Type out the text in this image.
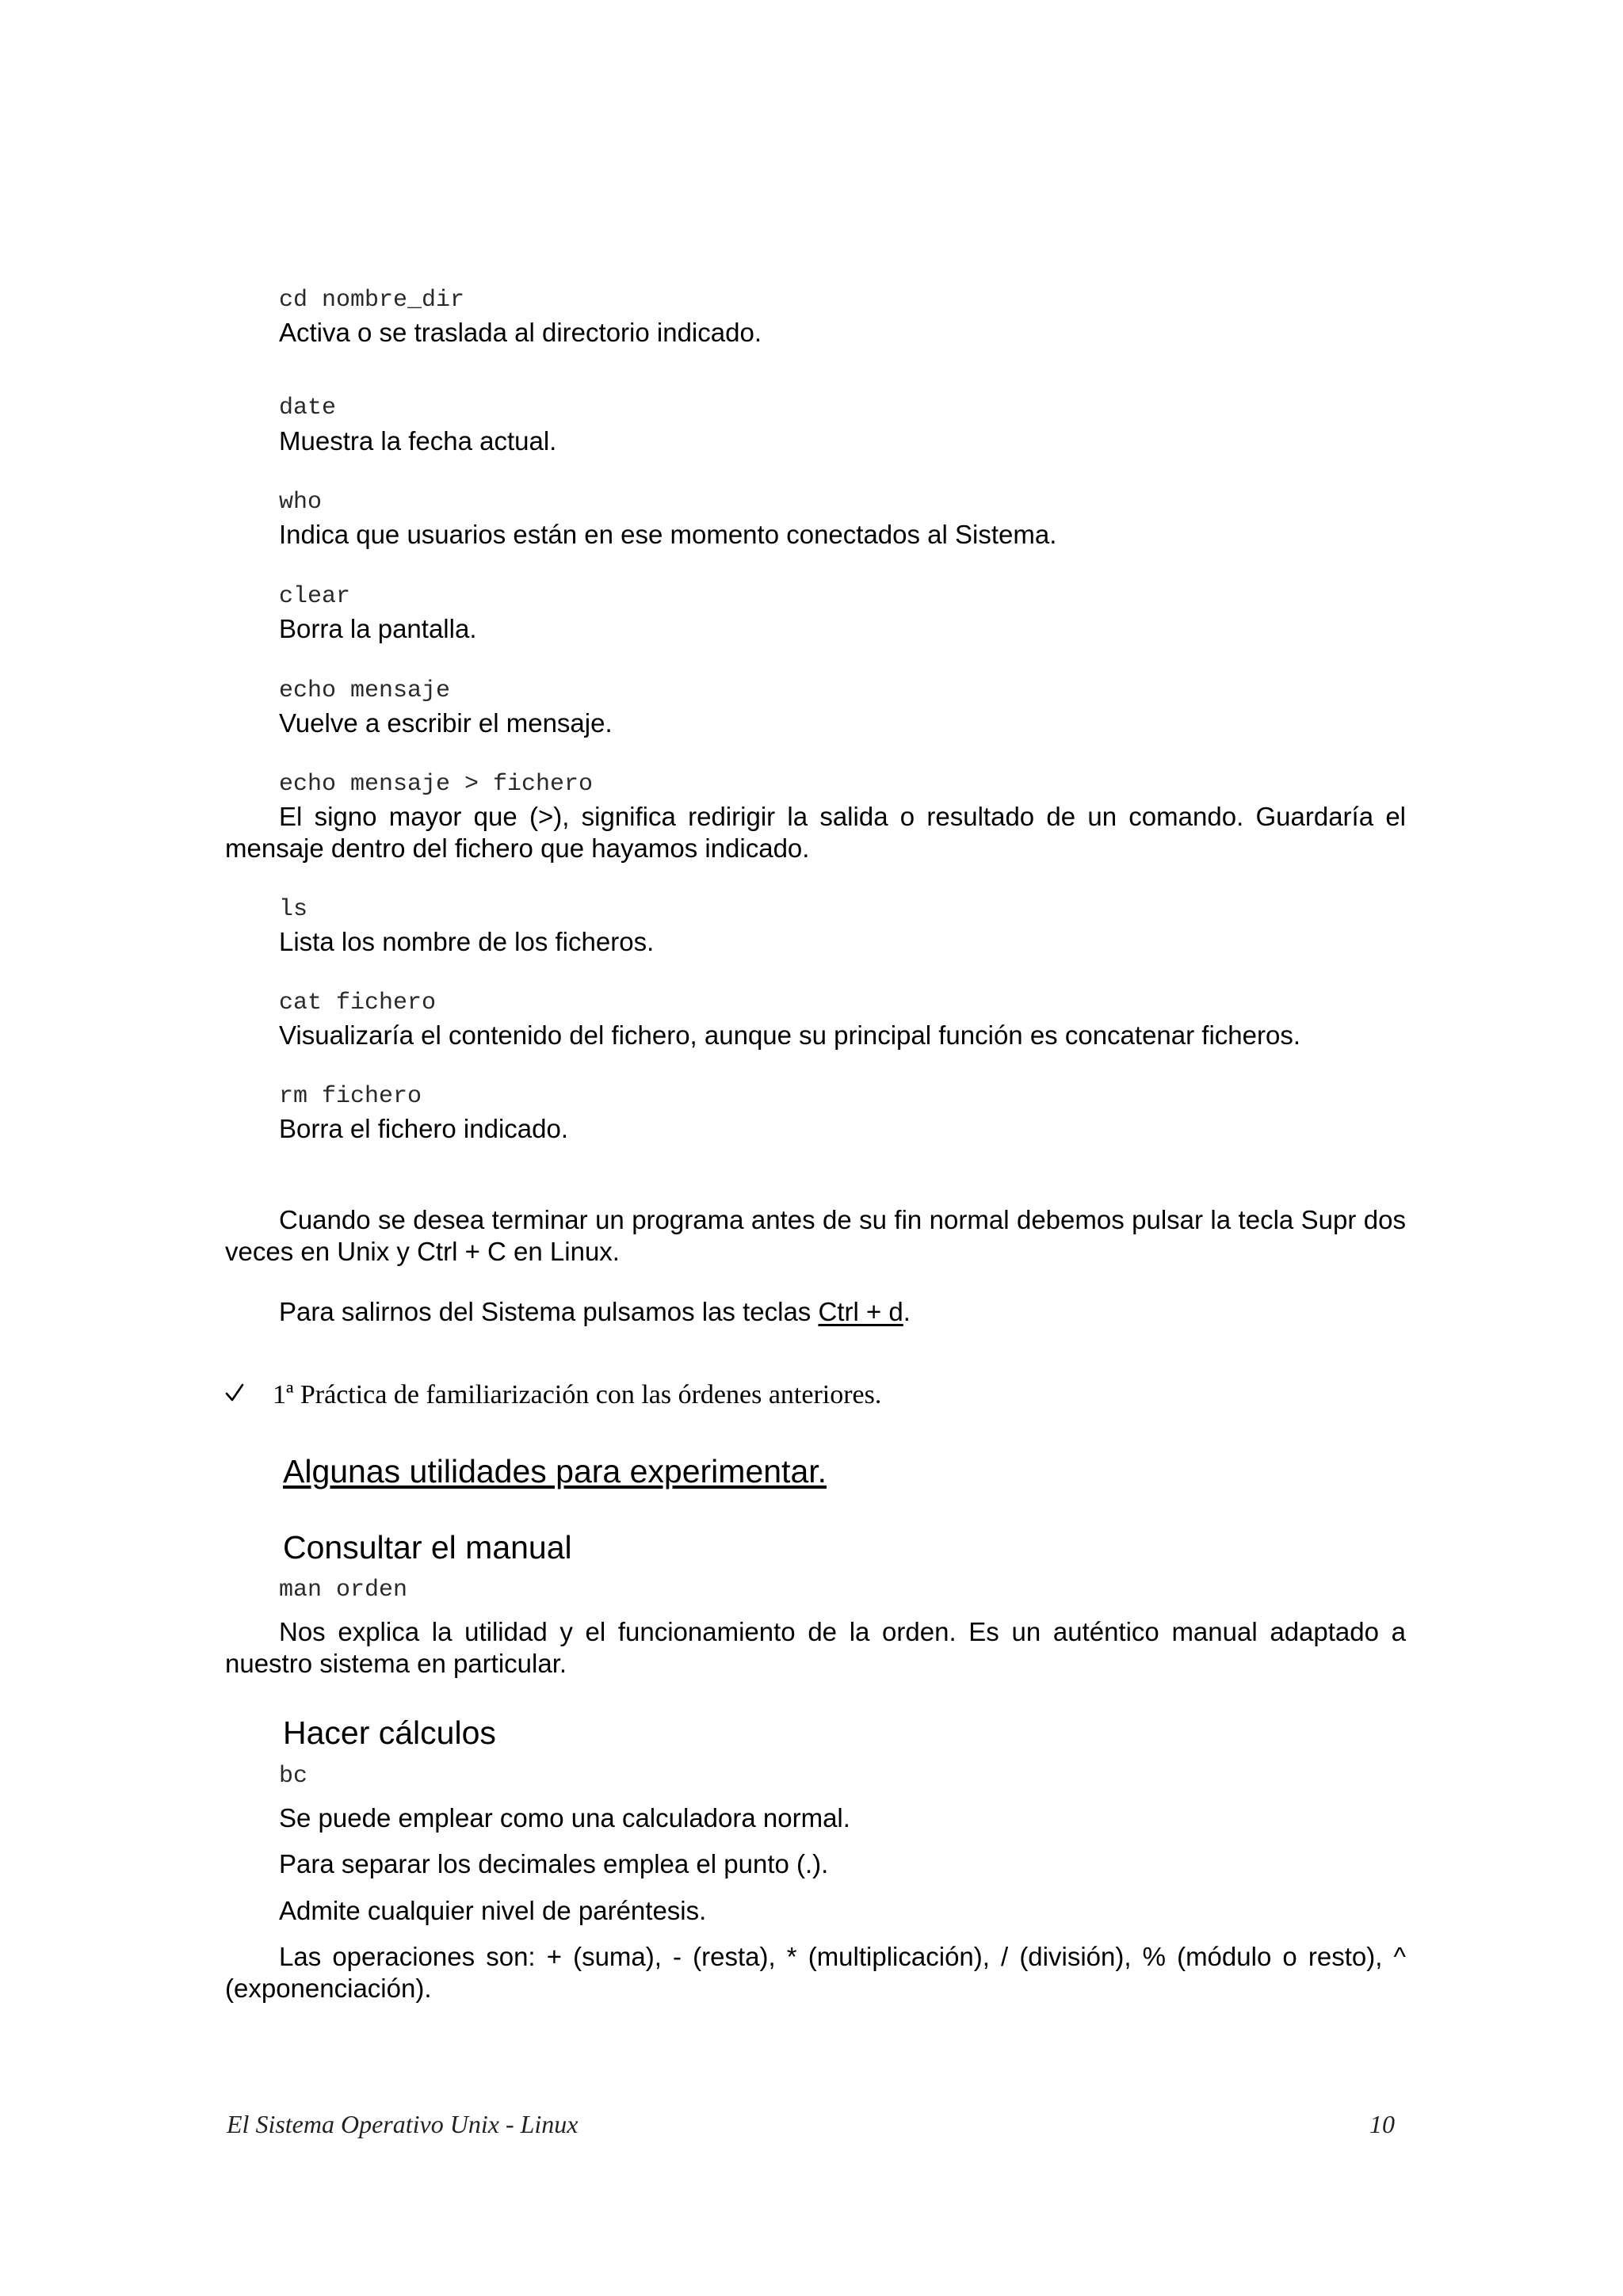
cd nombre_dir
Activa o se traslada al directorio indicado.
date
Muestra la fecha actual.
who
Indica que usuarios están en ese momento conectados al Sistema.
clear
Borra la pantalla.
echo mensaje
Vuelve a escribir el mensaje.
echo mensaje > fichero
El signo mayor que (>), significa redirigir la salida o resultado de un comando. Guardaría el mensaje dentro del fichero que hayamos indicado.
ls
Lista los nombre de los ficheros.
cat fichero
Visualizaría el contenido del fichero, aunque su principal función es concatenar ficheros.
rm fichero
Borra el fichero indicado.
Cuando se desea terminar un programa antes de su fin normal debemos pulsar la tecla Supr dos veces en Unix y Ctrl + C en Linux.
Para salirnos del Sistema pulsamos las teclas Ctrl + d.
1ª Práctica de familiarización con las órdenes anteriores.
Algunas utilidades para experimentar.
Consultar el manual
man orden
Nos explica la utilidad y el funcionamiento de la orden. Es un auténtico manual adaptado a nuestro sistema en particular.
Hacer cálculos
bc
Se puede emplear como una calculadora normal.
Para separar los decimales emplea el punto (.).
Admite cualquier nivel de paréntesis.
Las operaciones son: + (suma), - (resta), * (multiplicación), / (división), % (módulo o resto), ^ (exponenciación).
El Sistema Operativo Unix - Linux	10
